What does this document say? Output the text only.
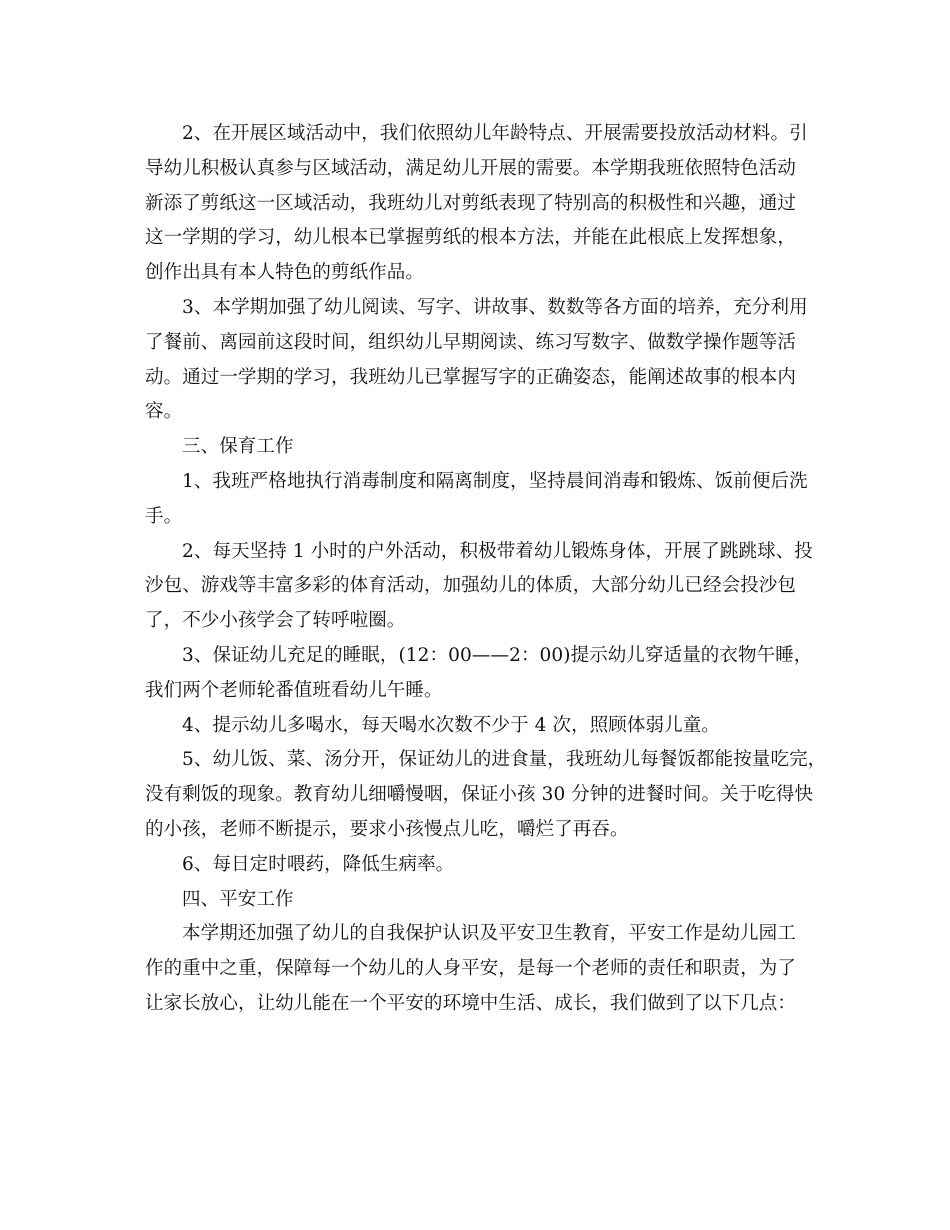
2、在开展区域活动中，我们依照幼儿年龄特点、开展需要投放活动材料。引
导幼儿积极认真参与区域活动，满足幼儿开展的需要。本学期我班依照特色活动
新添了剪纸这一区域活动，我班幼儿对剪纸表现了特别高的积极性和兴趣，通过
这一学期的学习，幼儿根本已掌握剪纸的根本方法，并能在此根底上发挥想象，
创作出具有本人特色的剪纸作品。
3、本学期加强了幼儿阅读、写字、讲故事、数数等各方面的培养，充分利用
了餐前、离园前这段时间，组织幼儿早期阅读、练习写数字、做数学操作题等活
动。通过一学期的学习，我班幼儿已掌握写字的正确姿态，能阐述故事的根本内
容。
三、保育工作
1、我班严格地执行消毒制度和隔离制度，坚持晨间消毒和锻炼、饭前便后洗
手。
2、每天坚持 1 小时的户外活动，积极带着幼儿锻炼身体，开展了跳跳球、投
沙包、游戏等丰富多彩的体育活动，加强幼儿的体质，大部分幼儿已经会投沙包
了，不少小孩学会了转呼啦圈。
3、保证幼儿充足的睡眠，(12：00——2：00)提示幼儿穿适量的衣物午睡，
我们两个老师轮番值班看幼儿午睡。
4、提示幼儿多喝水，每天喝水次数不少于 4 次，照顾体弱儿童。
5、幼儿饭、菜、汤分开，保证幼儿的进食量，我班幼儿每餐饭都能按量吃完，
没有剩饭的现象。教育幼儿细嚼慢咽，保证小孩 30 分钟的进餐时间。关于吃得快
的小孩，老师不断提示，要求小孩慢点儿吃，嚼烂了再吞。
6、每日定时喂药，降低生病率。
四、平安工作
本学期还加强了幼儿的自我保护认识及平安卫生教育，平安工作是幼儿园工
作的重中之重，保障每一个幼儿的人身平安，是每一个老师的责任和职责，为了
让家长放心，让幼儿能在一个平安的环境中生活、成长，我们做到了以下几点：
